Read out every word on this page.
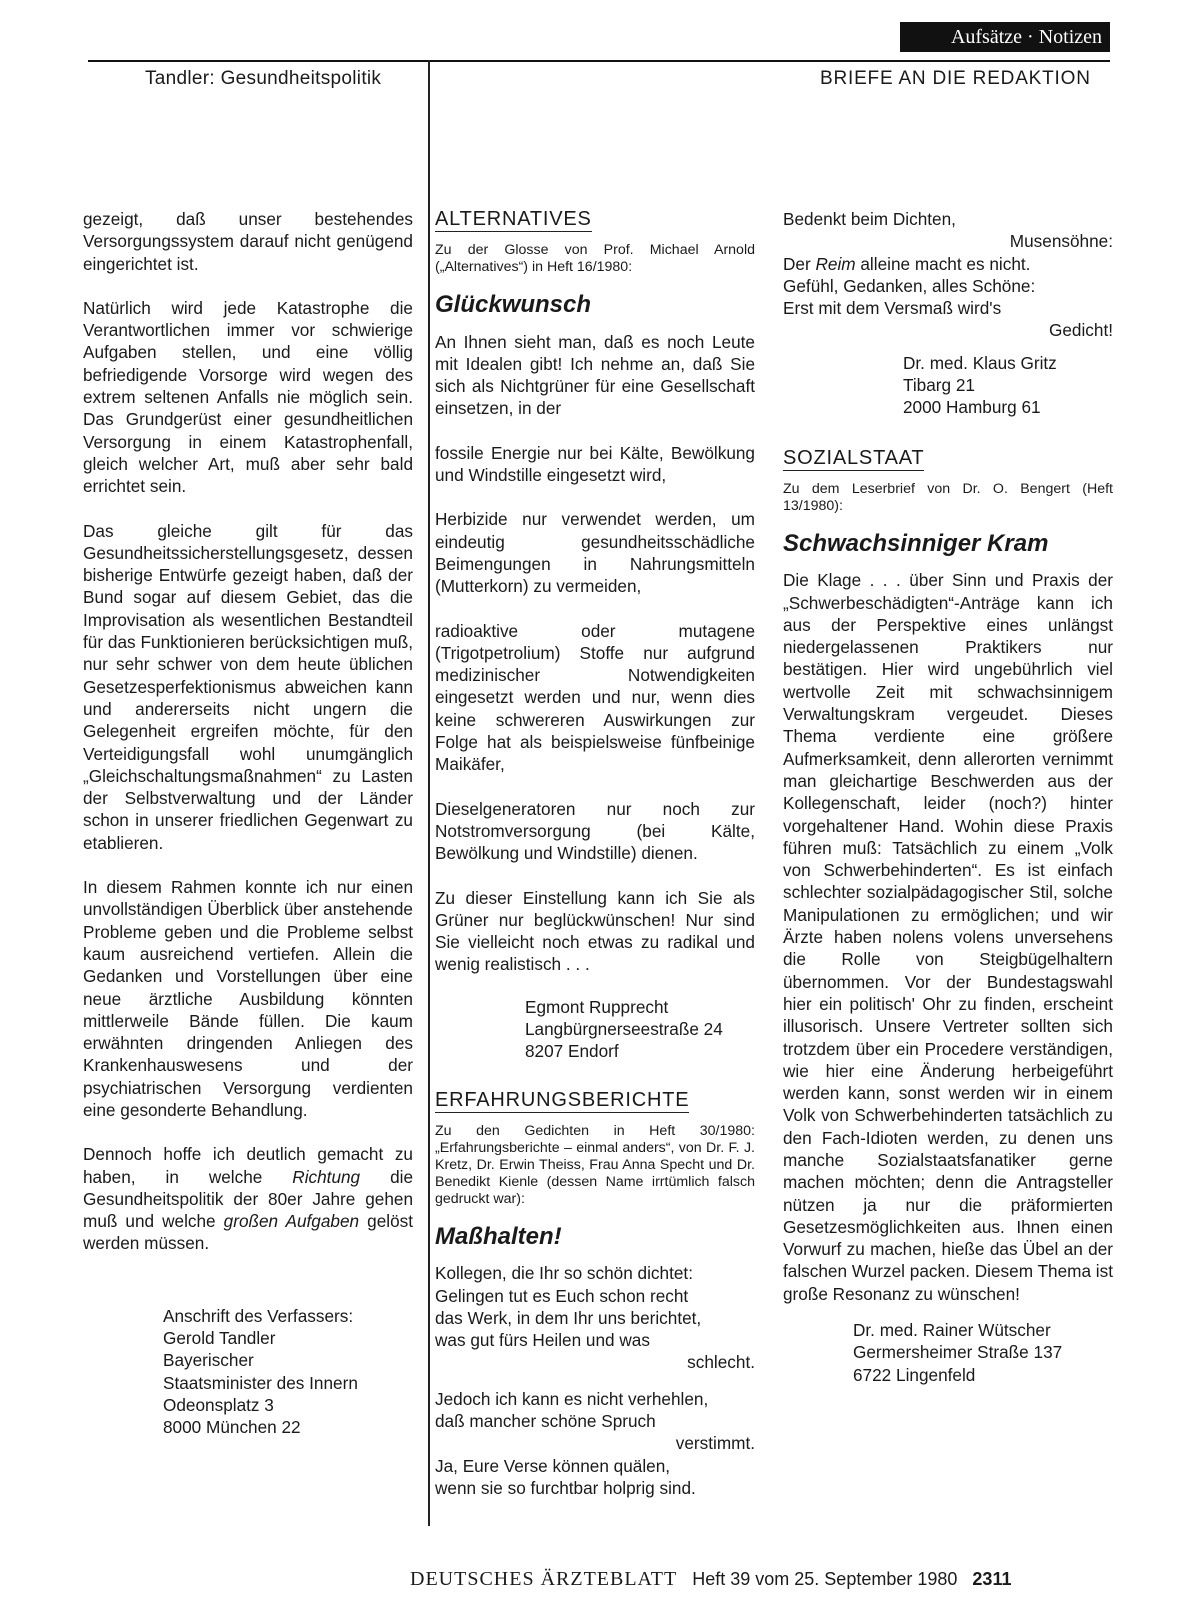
Aufsätze · Notizen
Tandler: Gesundheitspolitik	BRIEFE AN DIE REDAKTION

gezeigt, daß unser bestehendes Versorgungssystem darauf nicht genügend eingerichtet ist.

Natürlich wird jede Katastrophe die Verantwortlichen immer vor schwierige Aufgaben stellen, und eine völlig befriedigende Vorsorge wird wegen des extrem seltenen Anfalls nie möglich sein. Das Grundgerüst einer gesundheitlichen Versorgung in einem Katastrophenfall, gleich welcher Art, muß aber sehr bald errichtet sein.

Das gleiche gilt für das Gesundheitssicherstellungsgesetz, dessen bisherige Entwürfe gezeigt haben, daß der Bund sogar auf diesem Gebiet, das die Improvisation als wesentlichen Bestandteil für das Funktionieren berücksichtigen muß, nur sehr schwer von dem heute üblichen Gesetzesperfektionismus abweichen kann und andererseits nicht ungern die Gelegenheit ergreifen möchte, für den Verteidigungsfall wohl unumgänglich „Gleichschaltungsmaßnahmen“ zu Lasten der Selbstverwaltung und der Länder schon in unserer friedlichen Gegenwart zu etablieren.

In diesem Rahmen konnte ich nur einen unvollständigen Überblick über anstehende Probleme geben und die Probleme selbst kaum ausreichend vertiefen. Allein die Gedanken und Vorstellungen über eine neue ärztliche Ausbildung könnten mittlerweile Bände füllen. Die kaum erwähnten dringenden Anliegen des Krankenhauswesens und der psychiatrischen Versorgung verdienten eine gesonderte Behandlung.

Dennoch hoffe ich deutlich gemacht zu haben, in welche Richtung die Gesundheitspolitik der 80er Jahre gehen muß und welche großen Aufgaben gelöst werden müssen.

Anschrift des Verfassers:
Gerold Tandler
Bayerischer
Staatsminister des Innern
Odeonsplatz 3
8000 München 22

ALTERNATIVES

Zu der Glosse von Prof. Michael Arnold („Alternatives“) in Heft 16/1980:

Glückwunsch

An Ihnen sieht man, daß es noch Leute mit Idealen gibt! Ich nehme an, daß Sie sich als Nichtgrüner für eine Gesellschaft einsetzen, in der

fossile Energie nur bei Kälte, Bewölkung und Windstille eingesetzt wird,

Herbizide nur verwendet werden, um eindeutig gesundheitsschädliche Beimengungen in Nahrungsmitteln (Mutterkorn) zu vermeiden,

radioaktive oder mutagene (Trigotpetrolium) Stoffe nur aufgrund medizinischer Notwendigkeiten eingesetzt werden und nur, wenn dies keine schwereren Auswirkungen zur Folge hat als beispielsweise fünfbeinige Maikäfer,

Dieselgeneratoren nur noch zur Notstromversorgung (bei Kälte, Bewölkung und Windstille) dienen.

Zu dieser Einstellung kann ich Sie als Grüner nur beglückwünschen! Nur sind Sie vielleicht noch etwas zu radikal und wenig realistisch . . .

Egmont Rupprecht
Langbürgnerseestraße 24
8207 Endorf

ERFAHRUNGSBERICHTE

Zu den Gedichten in Heft 30/1980: „Erfahrungsberichte – einmal anders“, von Dr. F. J. Kretz, Dr. Erwin Theiss, Frau Anna Specht und Dr. Benedikt Kienle (dessen Name irrtümlich falsch gedruckt war):

Maßhalten!

Kollegen, die Ihr so schön dichtet:
Gelingen tut es Euch schon recht
das Werk, in dem Ihr uns berichtet,
was gut fürs Heilen und was
schlecht.
Jedoch ich kann es nicht verhehlen,
daß mancher schöne Spruch
verstimmt.
Ja, Eure Verse können quälen,
wenn sie so furchtbar holprig sind.
Bedenkt beim Dichten,
Musensöhne:
Der Reim alleine macht es nicht.
Gefühl, Gedanken, alles Schöne:
Erst mit dem Versmaß wird's
Gedicht!
Dr. med. Klaus Gritz
Tibarg 21
2000 Hamburg 61

SOZIALSTAAT

Zu dem Leserbrief von Dr. O. Bengert (Heft 13/1980):

Schwachsinniger Kram

Die Klage . . . über Sinn und Praxis der „Schwerbeschädigten“-Anträge kann ich aus der Perspektive eines unlängst niedergelassenen Praktikers nur bestätigen. Hier wird ungebührlich viel wertvolle Zeit mit schwachsinnigem Verwaltungskram vergeudet. Dieses Thema verdiente eine größere Aufmerksamkeit, denn allerorten vernimmt man gleichartige Beschwerden aus der Kollegenschaft, leider (noch?) hinter vorgehaltener Hand. Wohin diese Praxis führen muß: Tatsächlich zu einem „Volk von Schwerbehinderten“. Es ist einfach schlechter sozialpädagogischer Stil, solche Manipulationen zu ermöglichen; und wir Ärzte haben nolens volens unversehens die Rolle von Steigbügelhaltern übernommen. Vor der Bundestagswahl hier ein politisch' Ohr zu finden, erscheint illusorisch. Unsere Vertreter sollten sich trotzdem über ein Procedere verständigen, wie hier eine Änderung herbeigeführt werden kann, sonst werden wir in einem Volk von Schwerbehinderten tatsächlich zu den Fach-Idioten werden, zu denen uns manche Sozialstaatsfanatiker gerne machen möchten; denn die Antragsteller nützen ja nur die präformierten Gesetzesmöglichkeiten aus. Ihnen einen Vorwurf zu machen, hieße das Übel an der falschen Wurzel packen. Diesem Thema ist große Resonanz zu wünschen!

Dr. med. Rainer Wütscher
Germersheimer Straße 137
6722 Lingenfeld
DEUTSCHES ÄRZTEBLATT Heft 39 vom 25. September 1980 2311
